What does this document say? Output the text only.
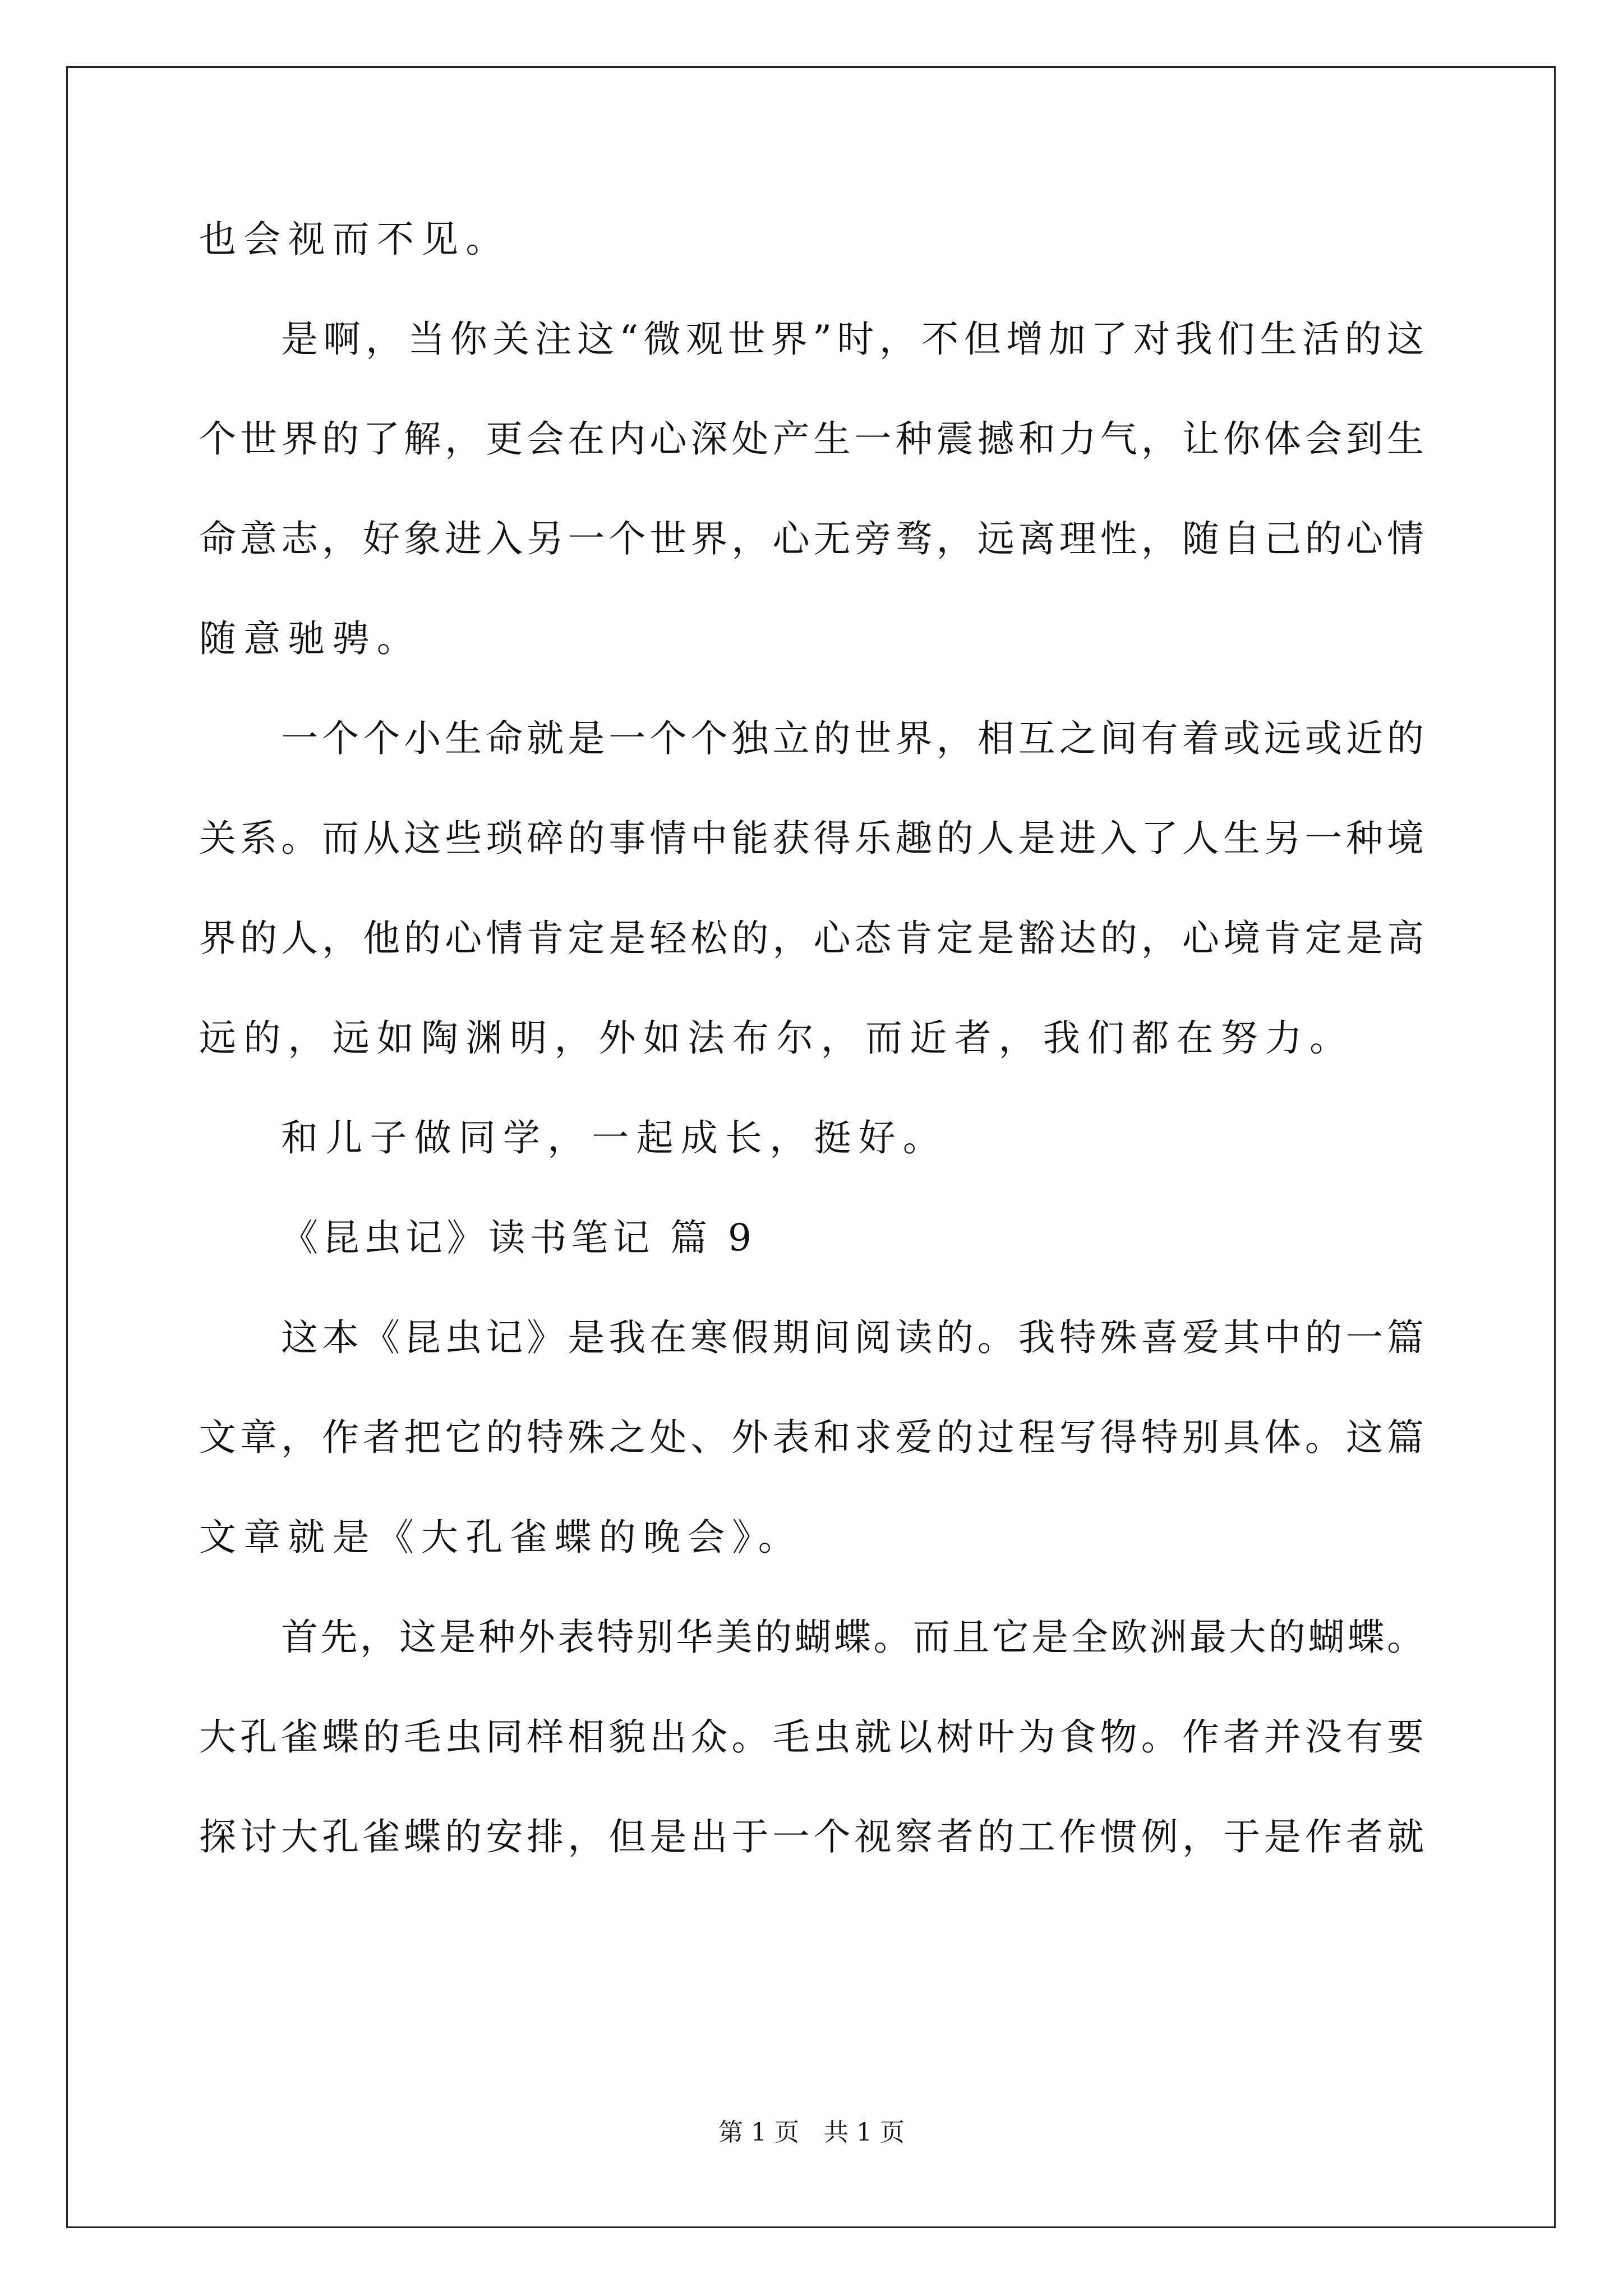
也会视而不见。
是啊，当你关注这“微观世界”时，不但增加了对我们生活的这
个世界的了解，更会在内心深处产生一种震撼和力气，让你体会到生
命意志，好象进入另一个世界，心无旁骛，远离理性，随自己的心情
随意驰骋。
一个个小生命就是一个个独立的世界，相互之间有着或远或近的
关系。而从这些琐碎的事情中能获得乐趣的人是进入了人生另一种境
界的人，他的心情肯定是轻松的，心态肯定是豁达的，心境肯定是高
远的，远如陶渊明，外如法布尔，而近者，我们都在努力。
和儿子做同学，一起成长，挺好。
《昆虫记》读书笔记 篇 9
这本《昆虫记》是我在寒假期间阅读的。我特殊喜爱其中的一篇
文章，作者把它的特殊之处、外表和求爱的过程写得特别具体。这篇
文章就是《大孔雀蝶的晚会》。
首先，这是种外表特别华美的蝴蝶。而且它是全欧洲最大的蝴蝶。
大孔雀蝶的毛虫同样相貌出众。毛虫就以树叶为食物。作者并没有要
探讨大孔雀蝶的安排，但是出于一个视察者的工作惯例，于是作者就
第 1 页 共 1 页
